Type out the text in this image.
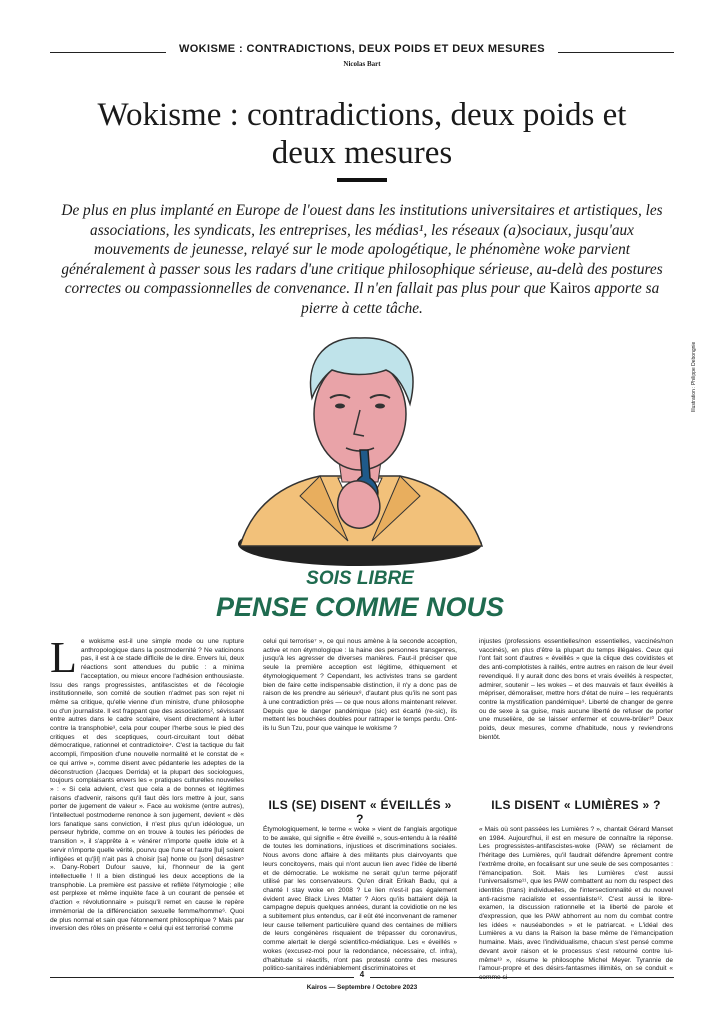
WOKISME : CONTRADICTIONS, DEUX POIDS ET DEUX MESURES
Nicolas Bart
Wokisme : contradictions, deux poids et deux mesures

De plus en plus implanté en Europe de l'ouest dans les institutions universitaires et artistiques, les associations, les syndicats, les entreprises, les médias¹, les réseaux (a)sociaux, jusqu'aux mouvements de jeunesse, relayé sur le mode apologétique, le phénomène woke parvient généralement à passer sous les radars d'une critique philosophique sérieuse, au-delà des postures correctes ou compassionnelles de convenance. Il n'en fallait pas plus pour que Kairos apporte sa pierre à cette tâche.

Illustration : Philippe Debongnie
SOIS LIBRE
PENSE COMME NOUS
L e wokisme est-il une simple mode ou une rupture anthropologique dans la postmodernité ? Ne vaticinons pas, il est à ce stade difficile de le dire. Envers lui, deux réactions sont attendues du public : a minima l'acceptation, ou mieux encore l'adhésion enthousiaste. Issu des rangs progressistes, antifascistes et de l'écologie institutionnelle, son comité de soutien n'admet pas son rejet ni même sa critique, qu'elle vienne d'un ministre, d'une philosophe ou d'un journaliste. Il est frappant que des associations², sévissant entre autres dans le cadre scolaire, visent directement à lutter contre la transphobie³, cela pour couper l'herbe sous le pied des critiques et des sceptiques, court-circuitant tout débat démocratique, rationnel et contradictoire⁴. C'est la tactique du fait accompli, l'imposition d'une nouvelle normalité et le constat de « ce qui arrive », comme disent avec pédanterie les adeptes de la déconstruction (Jacques Derrida) et la plupart des sociologues, toujours complaisants envers les « pratiques culturelles nouvelles » : « Si cela advient, c'est que cela a de bonnes et légitimes raisons d'advenir, raisons qu'il faut dès lors mettre à jour, sans porter de jugement de valeur ». Face au wokisme (entre autres), l'intellectuel postmoderne renonce à son jugement, devient « dès lors fanatique sans conviction, il n'est plus qu'un idéologue, un penseur hybride, comme on en trouve à toutes les périodes de transition », il s'apprête à « vénérer n'importe quelle idole et à servir n'importe quelle vérité, pourvu que l'une et l'autre [lui] soient infligées et qu'[il] n'ait pas à choisir [sa] honte ou [son] désastre⁵ ». Dany-Robert Dufour sauve, lui, l'honneur de la gent intellectuelle ! Il a bien distingué les deux acceptions de la transphobie. La première est passive et reflète l'étymologie ; elle est perplexe et même inquiète face à un courant de pensée et d'action « révolutionnaire » puisqu'il remet en cause le repère immémorial de la différenciation sexuelle femme/homme⁶. Quoi de plus normal et sain que l'étonnement philosophique ? Mais par inversion des rôles on présente « celui qui est terrorisé comme

celui qui terrorise⁷ », ce qui nous amène à la seconde acception, active et non étymologique : la haine des personnes transgenres, jusqu'à les agresser de diverses manières. Faut-il préciser que seule la première acception est légitime, éthiquement et étymologiquement ? Cependant, les activistes trans se gardent bien de faire cette indispensable distinction, il n'y a donc pas de raison de les prendre au sérieux⁸, d'autant plus qu'ils ne sont pas à une contradiction près — ce que nous allons maintenant relever. Depuis que le danger pandémique (sic) est écarté (re-sic), ils mettent les bouchées doubles pour rattraper le temps perdu. Ont-ils lu Sun Tzu, pour que vainque le wokisme ?

injustes (professions essentielles/non essentielles, vaccinés/non vaccinés), en plus d'être la plupart du temps illégales. Ceux qui l'ont fait sont d'autres « éveillés » que la clique des covidistes et des anti-complotistes à raillés, entre autres en raison de leur éveil revendiqué. Il y aurait donc des bons et vrais éveillés à respecter, admirer, soutenir – les wokes – et des mauvais et faux éveillés à mépriser, démoraliser, mettre hors d'état de nuire – les requérants contre la mystification pandémique⁹. Liberté de changer de genre ou de sexe à sa guise, mais aucune liberté de refuser de porter une muselière, de se laisser enfermer et couvre-brûler¹⁰ Deux poids, deux mesures, comme d'habitude, nous y reviendrons bientôt.

ILS (SE) DISENT « ÉVEILLÉS » ?
ILS DISENT « LUMIÈRES » ?

Étymologiquement, le terme « woke » vient de l'anglais argotique to be awake, qui signifie « être éveillé », sous-entendu à la réalité de toutes les dominations, injustices et discriminations sociales. Nous avons donc affaire à des militants plus clairvoyants que leurs concitoyens, mais qui n'ont aucun lien avec l'idée de liberté et de démocratie. Le wokisme ne serait qu'un terme péjoratif utilisé par les conservateurs. Qu'en dirait Erikah Badu, qui a chanté I stay woke en 2008 ? Le lien n'est-il pas également évident avec Black Lives Matter ? Alors qu'ils battaient déjà la campagne depuis quelques années, durant la covidiotie on ne les a subitement plus entendus, car il eût été inconvenant de ramener leur cause tellement particulière quand des centaines de milliers de leurs congénères risquaient de trépasser du coronavirus, comme alertait le clergé scientifico-médiatique. Les « éveillés » wokes (excusez-moi pour la redondance, nécessaire, cf. infra), d'habitude si réactifs, n'ont pas protesté contre des mesures politico-sanitaires indéniablement discriminatoires et

« Mais où sont passées les Lumières ? », chantait Gérard Manset en 1984. Aujourd'hui, il est en mesure de connaître la réponse. Les progressistes-antifascistes-woke (PAW) se réclament de l'héritage des Lumières, qu'il faudrait défendre âprement contre l'extrême droite, en focalisant sur une seule de ses composantes : l'émancipation. Soit. Mais les Lumières c'est aussi l'universalisme¹¹, que les PAW combattent au nom du respect des identités (trans) individuelles, de l'intersectionnalité et du nouvel anti-racisme racialiste et essentialiste¹². C'est aussi le libre-examen, la discussion rationnelle et la liberté de parole et d'expression, que les PAW abhorrent au nom du combat contre les idées « nauséabondes » et le patriarcat. « L'idéal des Lumières a vu dans la Raison la base même de l'émancipation humaine. Mais, avec l'individualisme, chacun s'est pensé comme devant avoir raison et le processus s'est retourné contre lui-même¹³ », résume le philosophe Michel Meyer. Tyrannie de l'amour-propre et des désirs-fantasmes illimités, on se conduit «

4
Kairos — Septembre / Octobre 2023
